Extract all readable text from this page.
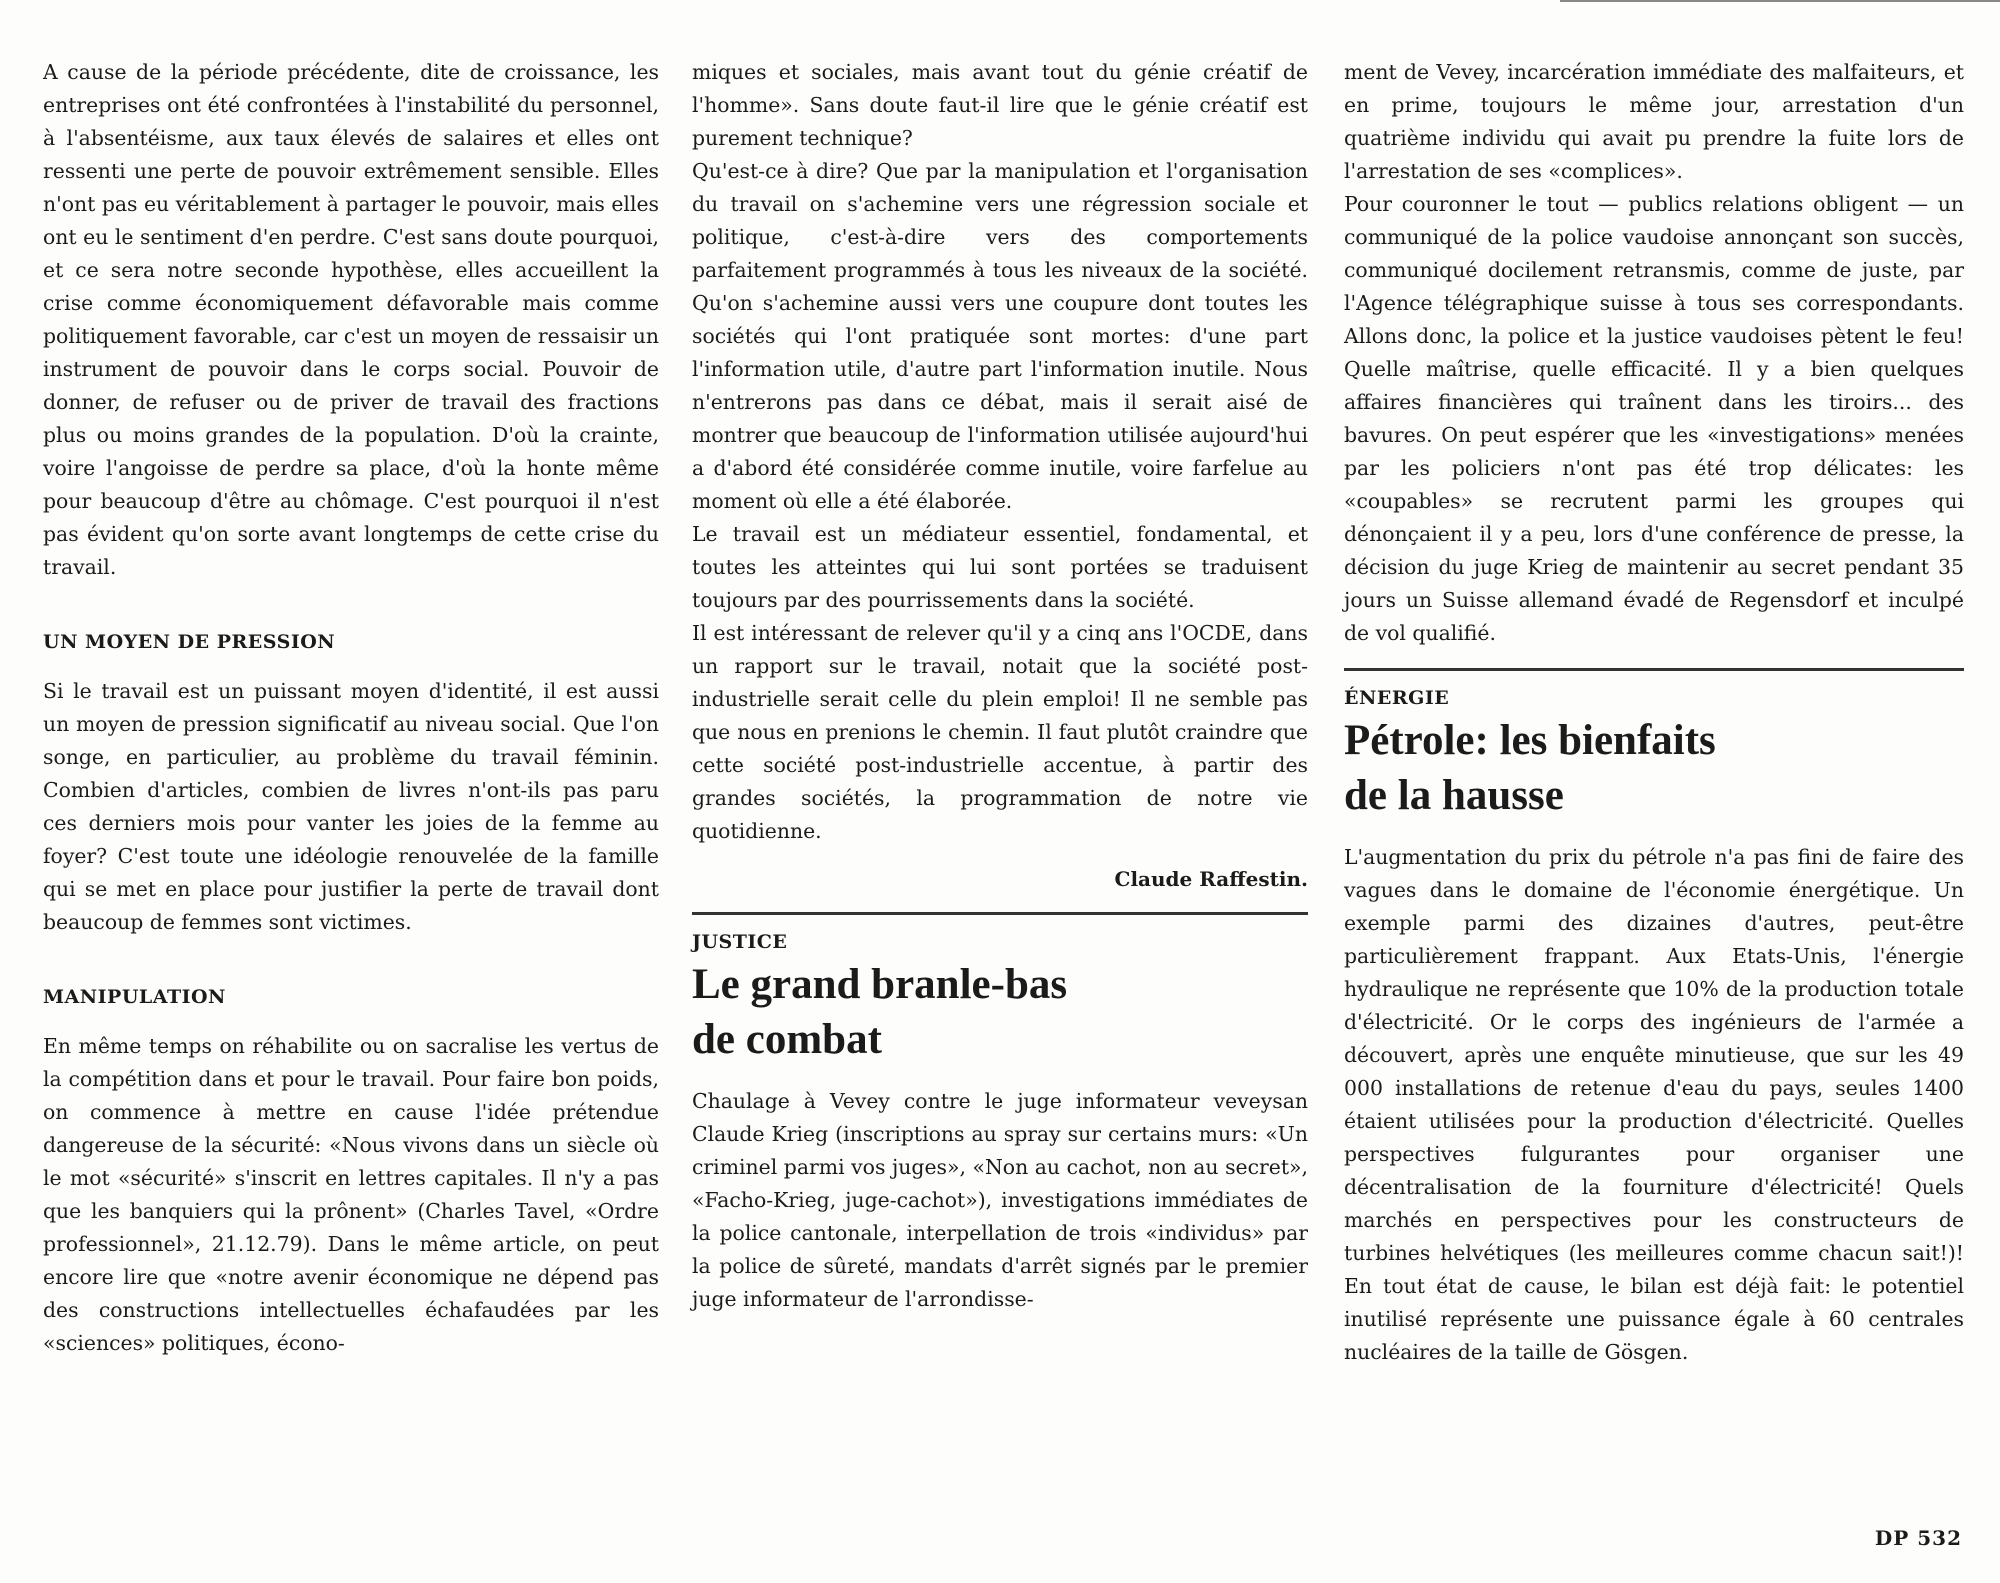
A cause de la période précédente, dite de croissance, les entreprises ont été confrontées à l'instabilité du personnel, à l'absentéisme, aux taux élevés de salaires et elles ont ressenti une perte de pouvoir extrêmement sensible. Elles n'ont pas eu véritablement à partager le pouvoir, mais elles ont eu le sentiment d'en perdre. C'est sans doute pourquoi, et ce sera notre seconde hypothèse, elles accueillent la crise comme économiquement défavorable mais comme politiquement favorable, car c'est un moyen de ressaisir un instrument de pouvoir dans le corps social. Pouvoir de donner, de refuser ou de priver de travail des fractions plus ou moins grandes de la population. D'où la crainte, voire l'angoisse de perdre sa place, d'où la honte même pour beaucoup d'être au chômage. C'est pourquoi il n'est pas évident qu'on sorte avant longtemps de cette crise du travail.

UN MOYEN DE PRESSION

Si le travail est un puissant moyen d'identité, il est aussi un moyen de pression significatif au niveau social. Que l'on songe, en particulier, au problème du travail féminin. Combien d'articles, combien de livres n'ont-ils pas paru ces derniers mois pour vanter les joies de la femme au foyer? C'est toute une idéologie renouvelée de la famille qui se met en place pour justifier la perte de travail dont beaucoup de femmes sont victimes.

MANIPULATION

En même temps on réhabilite ou on sacralise les vertus de la compétition dans et pour le travail. Pour faire bon poids, on commence à mettre en cause l'idée prétendue dangereuse de la sécurité: «Nous vivons dans un siècle où le mot «sécurité» s'inscrit en lettres capitales. Il n'y a pas que les banquiers qui la prônent» (Charles Tavel, «Ordre professionnel», 21.12.79). Dans le même article, on peut encore lire que «notre avenir économique ne dépend pas des constructions intellectuelles échafaudées par les «sciences» politiques, écono-

miques et sociales, mais avant tout du génie créatif de l'homme». Sans doute faut-il lire que le génie créatif est purement technique?

Qu'est-ce à dire? Que par la manipulation et l'organisation du travail on s'achemine vers une régression sociale et politique, c'est-à-dire vers des comportements parfaitement programmés à tous les niveaux de la société. Qu'on s'achemine aussi vers une coupure dont toutes les sociétés qui l'ont pratiquée sont mortes: d'une part l'information utile, d'autre part l'information inutile. Nous n'entrerons pas dans ce débat, mais il serait aisé de montrer que beaucoup de l'information utilisée aujourd'hui a d'abord été considérée comme inutile, voire farfelue au moment où elle a été élaborée.

Le travail est un médiateur essentiel, fondamental, et toutes les atteintes qui lui sont portées se traduisent toujours par des pourrissements dans la société.

Il est intéressant de relever qu'il y a cinq ans l'OCDE, dans un rapport sur le travail, notait que la société post-industrielle serait celle du plein emploi! Il ne semble pas que nous en prenions le chemin. Il faut plutôt craindre que cette société post-industrielle accentue, à partir des grandes sociétés, la programmation de notre vie quotidienne.

Claude Raffestin.

JUSTICE
Le grand branle-bas
de combat

Chaulage à Vevey contre le juge informateur veveysan Claude Krieg (inscriptions au spray sur certains murs: «Un criminel parmi vos juges», «Non au cachot, non au secret», «Facho-Krieg, juge-cachot»), investigations immédiates de la police cantonale, interpellation de trois «individus» par la police de sûreté, mandats d'arrêt signés par le premier juge informateur de l'arrondisse-

ment de Vevey, incarcération immédiate des malfaiteurs, et en prime, toujours le même jour, arrestation d'un quatrième individu qui avait pu prendre la fuite lors de l'arrestation de ses «complices».

Pour couronner le tout — publics relations obligent — un communiqué de la police vaudoise annonçant son succès, communiqué docilement retransmis, comme de juste, par l'Agence télégraphique suisse à tous ses correspondants. Allons donc, la police et la justice vaudoises pètent le feu! Quelle maîtrise, quelle efficacité. Il y a bien quelques affaires financières qui traînent dans les tiroirs... des bavures. On peut espérer que les «investigations» menées par les policiers n'ont pas été trop délicates: les «coupables» se recrutent parmi les groupes qui dénonçaient il y a peu, lors d'une conférence de presse, la décision du juge Krieg de maintenir au secret pendant 35 jours un Suisse allemand évadé de Regensdorf et inculpé de vol qualifié.

ÉNERGIE
Pétrole: les bienfaits
de la hausse

L'augmentation du prix du pétrole n'a pas fini de faire des vagues dans le domaine de l'économie énergétique. Un exemple parmi des dizaines d'autres, peut-être particulièrement frappant. Aux Etats-Unis, l'énergie hydraulique ne représente que 10% de la production totale d'électricité. Or le corps des ingénieurs de l'armée a découvert, après une enquête minutieuse, que sur les 49 000 installations de retenue d'eau du pays, seules 1400 étaient utilisées pour la production d'électricité. Quelles perspectives fulgurantes pour organiser une décentralisation de la fourniture d'électricité! Quels marchés en perspectives pour les constructeurs de turbines helvétiques (les meilleures comme chacun sait!)! En tout état de cause, le bilan est déjà fait: le potentiel inutilisé représente une puissance égale à 60 centrales nucléaires de la taille de Gösgen.

DP 532
